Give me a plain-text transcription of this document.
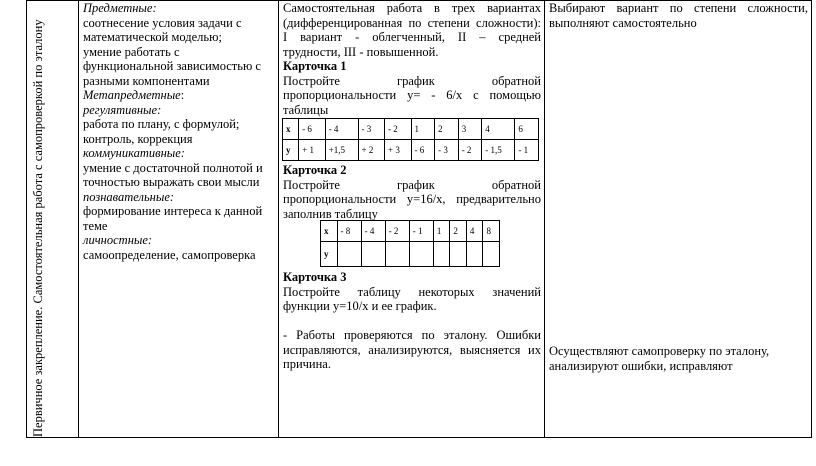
Первичное закрепление. Самостоятельная работа с самопроверкой по эталону
Предметные:
соотнесение условия задачи с
математической моделью;
умение работать с
функциональной зависимостью с
разными компонентами
Метапредметные:
регулятивные:
работа по плану, с формулой;
контроль, коррекция
коммуникативные:
умение с достаточной полнотой и
точностью выражать свои мысли
познавательные:
формирование интереса к данной
теме
личностные:
самоопределение, самопроверка
Самостоятельная работа в трех вариантах
(дифференцированная по степени сложности):
I вариант - облегченный, II – средней
трудности, III - повышенной.
Карточка 1
Постройте график обратной
пропорциональности у= - 6/х с помощью
таблицы
х	- 6	- 4	- 3	- 2	1	2	3	4	6
у	+ 1	+1,5	+ 2	+ 3	- 6	- 3	- 2	- 1,5	- 1
Карточка 2
Постройте график обратной
пропорциональности у=16/х, предварительно
заполнив таблицу
х	- 8	- 4	- 2	- 1	1	2	4	8
у								
Карточка 3
Постройте таблицу некоторых значений
функции у=10/х и ее график.
- Работы проверяются по эталону. Ошибки
исправляются, анализируются, выясняется их
причина.
Выбирают вариант по степени сложности,
выполняют самостоятельно
Осуществляют самопроверку по эталону,
анализируют ошибки, исправляют
